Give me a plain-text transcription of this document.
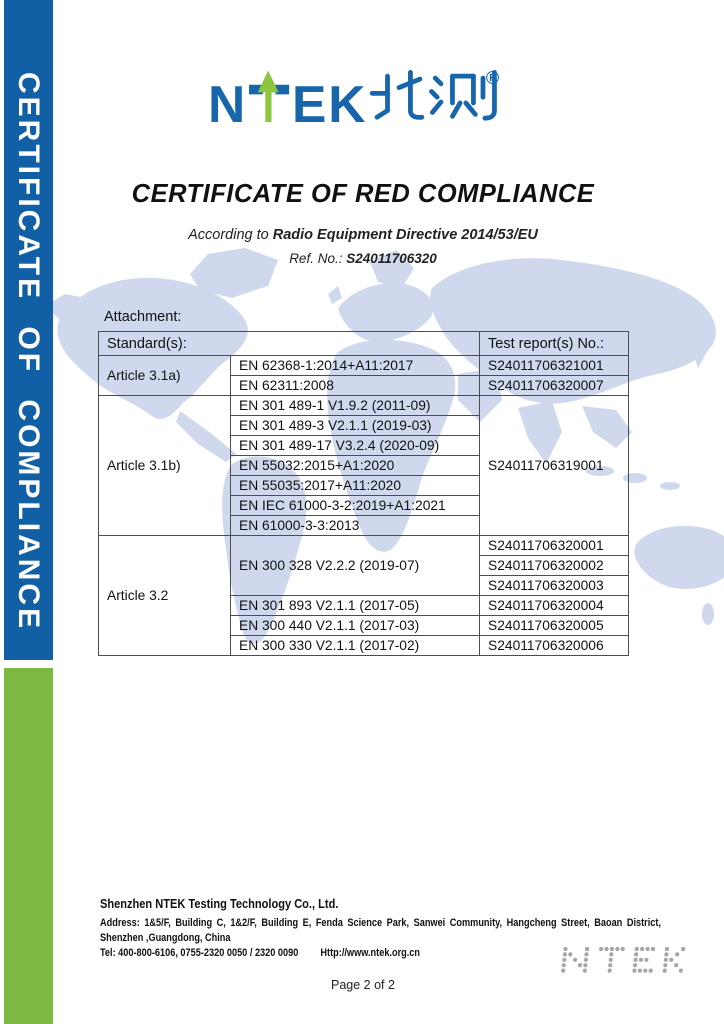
CERTIFICATE OF COMPLIANCE	N EK	®
CERTIFICATE OF RED COMPLIANCE
According to Radio Equipment Directive 2014/53/EU
Ref. No.: S24011706320
Attachment:
Standard(s):		Test report(s) No.:
Article 3.1a)	EN 62368-1:2014+A11:2017	S24011706321001
	EN 62311:2008	S24011706320007
Article 3.1b)	EN 301 489-1 V1.9.2 (2011-09)	S24011706319001
	EN 301 489-3 V2.1.1 (2019-03)	
	EN 301 489-17 V3.2.4 (2020-09)	
	EN 55032:2015+A1:2020	
	EN 55035:2017+A11:2020	
	EN IEC 61000-3-2:2019+A1:2021	
	EN 61000-3-3:2013	
Article 3.2	EN 300 328 V2.2.2 (2019-07)	S24011706320001
		S24011706320002
		S24011706320003
	EN 301 893 V2.1.1 (2017-05)	S24011706320004
	EN 300 440 V2.1.1 (2017-03)	S24011706320005
	EN 300 330 V2.1.1 (2017-02)	S24011706320006

Shenzhen NTEK Testing Technology Co., Ltd.

Address: 1&5/F, Building C, 1&2/F, Building E, Fenda Science Park, Sanwei Community, Hangcheng Street, Baoan District, Shenzhen ,Guangdong, China

Tel: 400-800-6106, 0755-2320 0050 / 2320 0090 Http://www.ntek.org.cn

Page 2 of 2
